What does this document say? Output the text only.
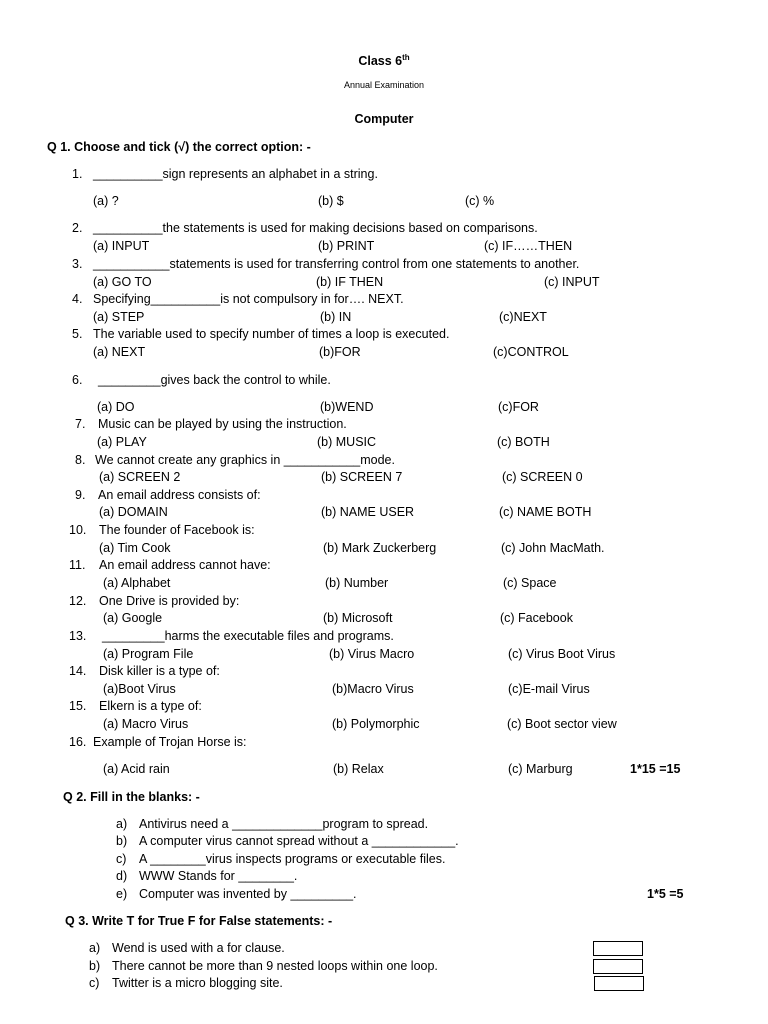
Class 6th
Annual Examination
Computer
Q 1. Choose and tick (√) the correct option: -
1. __________sign represents an alphabet in a string.
(a) ?	(b) $	(c) %
2. __________the statements is used for making decisions based on comparisons.
(a) INPUT	(b) PRINT	(c) IF……THEN
3. ___________statements is used for transferring control from one statements to another.
(a) GO TO	(b) IF THEN	(c) INPUT
4. Specifying__________is not compulsory in for…. NEXT.
(a) STEP	(b) IN	(c)NEXT
5. The variable used to specify number of times a loop is executed.
(a) NEXT	(b)FOR	(c)CONTROL
6. _________gives back the control to while.
(a) DO	(b)WEND	(c)FOR
7. Music can be played by using the instruction.
(a) PLAY	(b) MUSIC	(c) BOTH
8. We cannot create any graphics in ___________mode.
(a) SCREEN 2	(b) SCREEN 7	(c) SCREEN 0
9. An email address consists of:
(a) DOMAIN	(b) NAME USER	(c) NAME BOTH
10. The founder of Facebook is:
(a) Tim Cook	(b) Mark Zuckerberg	(c) John MacMath.
11. An email address cannot have:
(a) Alphabet	(b) Number	(c) Space
12. One Drive is provided by:
(a) Google	(b) Microsoft	(c) Facebook
13. _________harms the executable files and programs.
(a) Program File	(b) Virus Macro	(c) Virus Boot Virus
14. Disk killer is a type of:
(a)Boot Virus	(b)Macro Virus	(c)E-mail Virus
15. Elkern is a type of:
(a) Macro Virus	(b) Polymorphic	(c) Boot sector view
16. Example of Trojan Horse is:
(a) Acid rain	(b) Relax	(c) Marburg	1*15 =15
Q 2. Fill in the blanks: -
a) Antivirus need a _____________program to spread.
b) A computer virus cannot spread without a ____________.
c) A ________virus inspects programs or executable files.
d) WWW Stands for ________.
e) Computer was invented by _________.	1*5 =5
Q 3. Write T for True F for False statements: -
a) Wend is used with a for clause.
b) There cannot be more than 9 nested loops within one loop.
c) Twitter is a micro blogging site.
